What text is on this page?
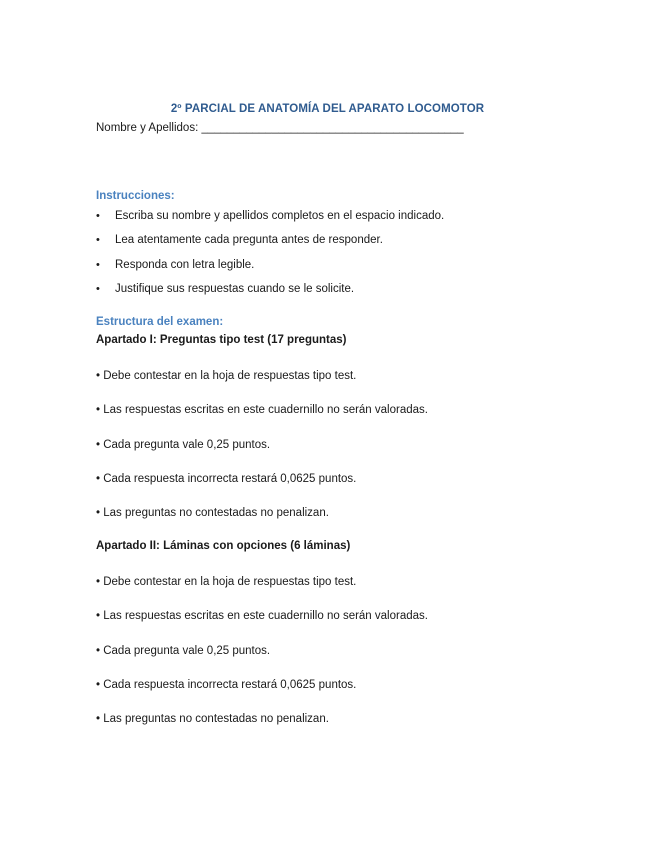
2º PARCIAL DE ANATOMÍA DEL APARATO LOCOMOTOR
Nombre y Apellidos: _________________________________________
Instrucciones:
• Escriba su nombre y apellidos completos en el espacio indicado.
• Lea atentamente cada pregunta antes de responder.
• Responda con letra legible.
• Justifique sus respuestas cuando se le solicite.
Estructura del examen:
Apartado I: Preguntas tipo test (17 preguntas)
• Debe contestar en la hoja de respuestas tipo test.
• Las respuestas escritas en este cuadernillo no serán valoradas.
• Cada pregunta vale 0,25 puntos.
• Cada respuesta incorrecta restará 0,0625 puntos.
• Las preguntas no contestadas no penalizan.
Apartado II: Láminas con opciones (6 láminas)
• Debe contestar en la hoja de respuestas tipo test.
• Las respuestas escritas en este cuadernillo no serán valoradas.
• Cada pregunta vale 0,25 puntos.
• Cada respuesta incorrecta restará 0,0625 puntos.
• Las preguntas no contestadas no penalizan.
